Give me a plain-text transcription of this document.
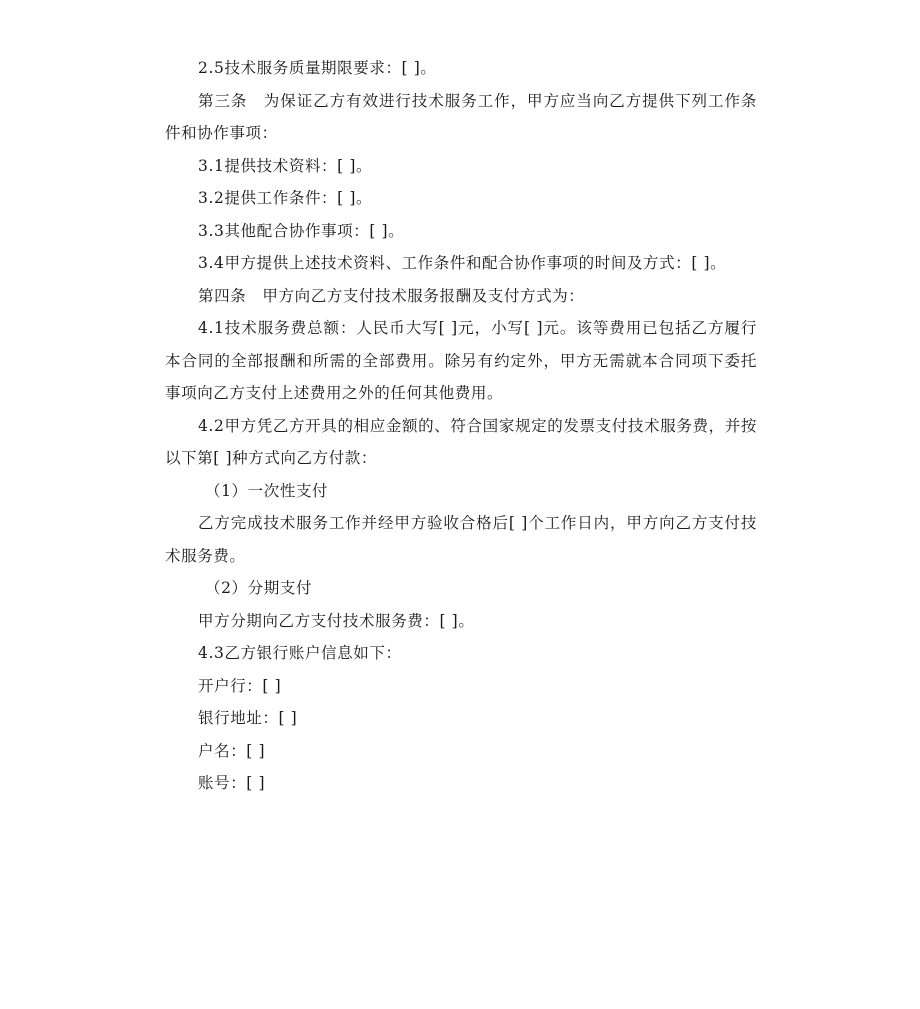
2.5技术服务质量期限要求：[ ]。

第三条　为保证乙方有效进行技术服务工作，甲方应当向乙方提供下列工作条件和协作事项：

3.1提供技术资料：[ ]。

3.2提供工作条件：[ ]。

3.3其他配合协作事项：[ ]。

3.4甲方提供上述技术资料、工作条件和配合协作事项的时间及方式：[ ]。

第四条　甲方向乙方支付技术服务报酬及支付方式为：

4.1技术服务费总额：人民币大写[ ]元，小写[ ]元。该等费用已包括乙方履行本合同的全部报酬和所需的全部费用。除另有约定外，甲方无需就本合同项下委托事项向乙方支付上述费用之外的任何其他费用。

4.2甲方凭乙方开具的相应金额的、符合国家规定的发票支付技术服务费，并按以下第[ ]种方式向乙方付款：

（1）一次性支付

乙方完成技术服务工作并经甲方验收合格后[ ]个工作日内，甲方向乙方支付技术服务费。

（2）分期支付

甲方分期向乙方支付技术服务费：[ ]。

4.3乙方银行账户信息如下：

开户行：[ ]

银行地址：[ ]

户名：[ ]

账号：[ ]
